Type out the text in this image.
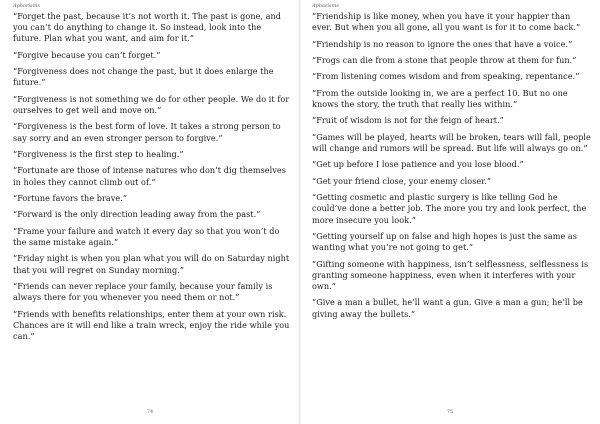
Aphorisms
“Forget the past, because it’s not worth it. The past is gone, and you can’t do anything to change it. So instead, look into the future. Plan what you want, and aim for it.”
“Forgive because you can’t forget.”
“Forgiveness does not change the past, but it does enlarge the future.”
“Forgiveness is not something we do for other people. We do it for ourselves to get well and move on.”
“Forgiveness is the best form of love. It takes a strong person to say sorry and an even stronger person to forgive.”
“Forgiveness is the first step to healing.”
“Fortunate are those of intense natures who don’t dig themselves in holes they cannot climb out of.”
“Fortune favors the brave.”
“Forward is the only direction leading away from the past.”
“Frame your failure and watch it every day so that you won’t do the same mistake again.”
“Friday night is when you plan what you will do on Saturday night that you will regret on Sunday morning.”
“Friends can never replace your family, because your family is always there for you whenever you need them or not.”
“Friends with benefits relationships, enter them at your own risk. Chances are it will end like a train wreck, enjoy the ride while you can.”
74
Aphorisms
“Friendship is like money, when you have it your happier than ever. But when you all gone, all you want is for it to come back.”
“Friendship is no reason to ignore the ones that have a voice.”
“Frogs can die from a stone that people throw at them for fun.”
“From listening comes wisdom and from speaking, repentance.”
“From the outside looking in, we are a perfect 10. But no one knows the story, the truth that really lies within.”
“Fruit of wisdom is not for the feign of heart.”
“Games will be played, hearts will be broken, tears will fall, people will change and rumors will be spread. But life will always go on.”
“Get up before I lose patience and you lose blood.”
“Get your friend close, your enemy closer.”
“Getting cosmetic and plastic surgery is like telling God he could’ve done a better job. The more you try and look perfect, the more insecure you look.”
“Getting yourself up on false and high hopes is just the same as wanting what you’re not going to get.”
“Gifting someone with happiness, isn’t selflessness, selflessness is granting someone happiness, even when it interferes with your own.”
“Give a man a bullet, he’ll want a gun. Give a man a gun; he’ll be giving away the bullets.”
75
